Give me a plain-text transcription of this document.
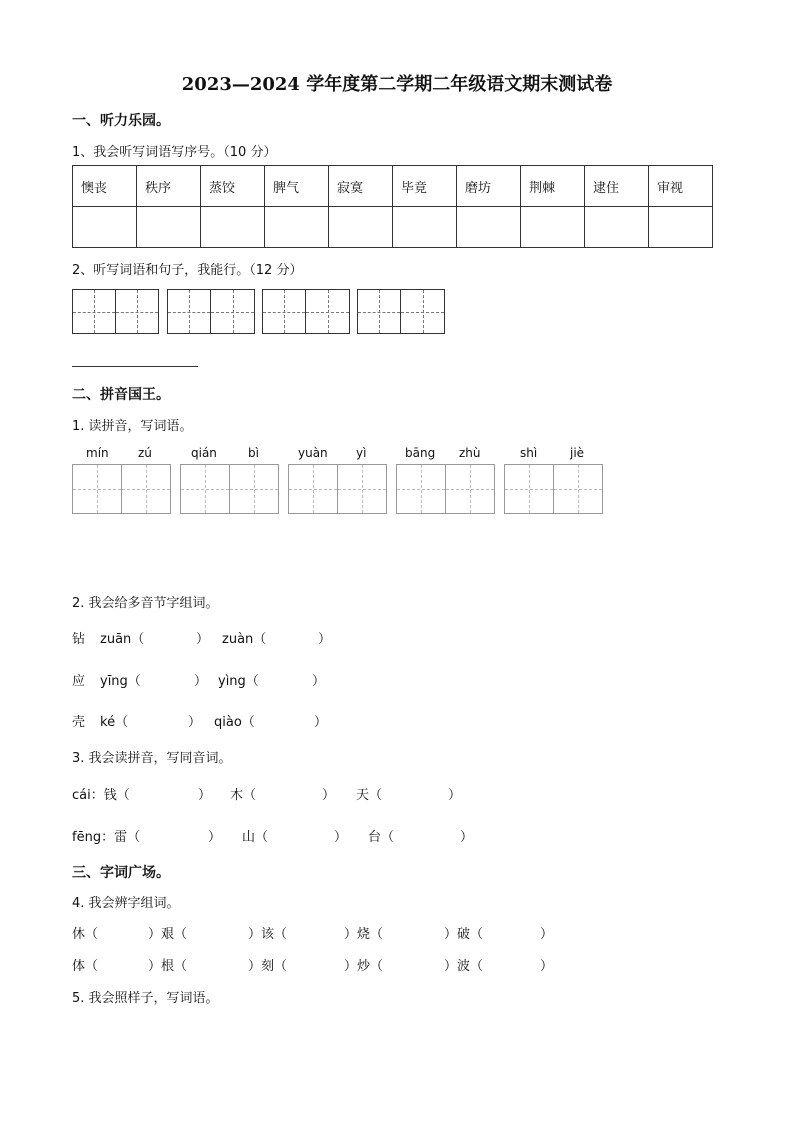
2023—2024 学年度第二学期二年级语文期末测试卷
一、听力乐园。
1、我会听写词语写序号。（10 分）
懊丧	秩序	蒸饺	脾气	寂寞	毕竟	磨坊	荆棘	逮住	审视

2、听写词语和句子，我能行。（12 分）
二、拼音国王。
1. 读拼音，写词语。
mín zú	qián	bì	yuàn yì	bāng zhù	shì	jiè
2. 我会给多音节字组词。
钻 zuān（	） zuàn（	）
应 yīng（	） yìng（	）
壳 ké（	） qiào（	）
3. 我会读拼音，写同音词。
cái：钱（	） 木（	） 天（	）
fēng：雷（	） 山（	） 台（	）
三、字词广场。
4. 我会辨字组词。
休（	）艰（	）该（	）烧（	）破（	）
体（	）根（	）刻（	）炒（	）波（	）
5. 我会照样子，写词语。
